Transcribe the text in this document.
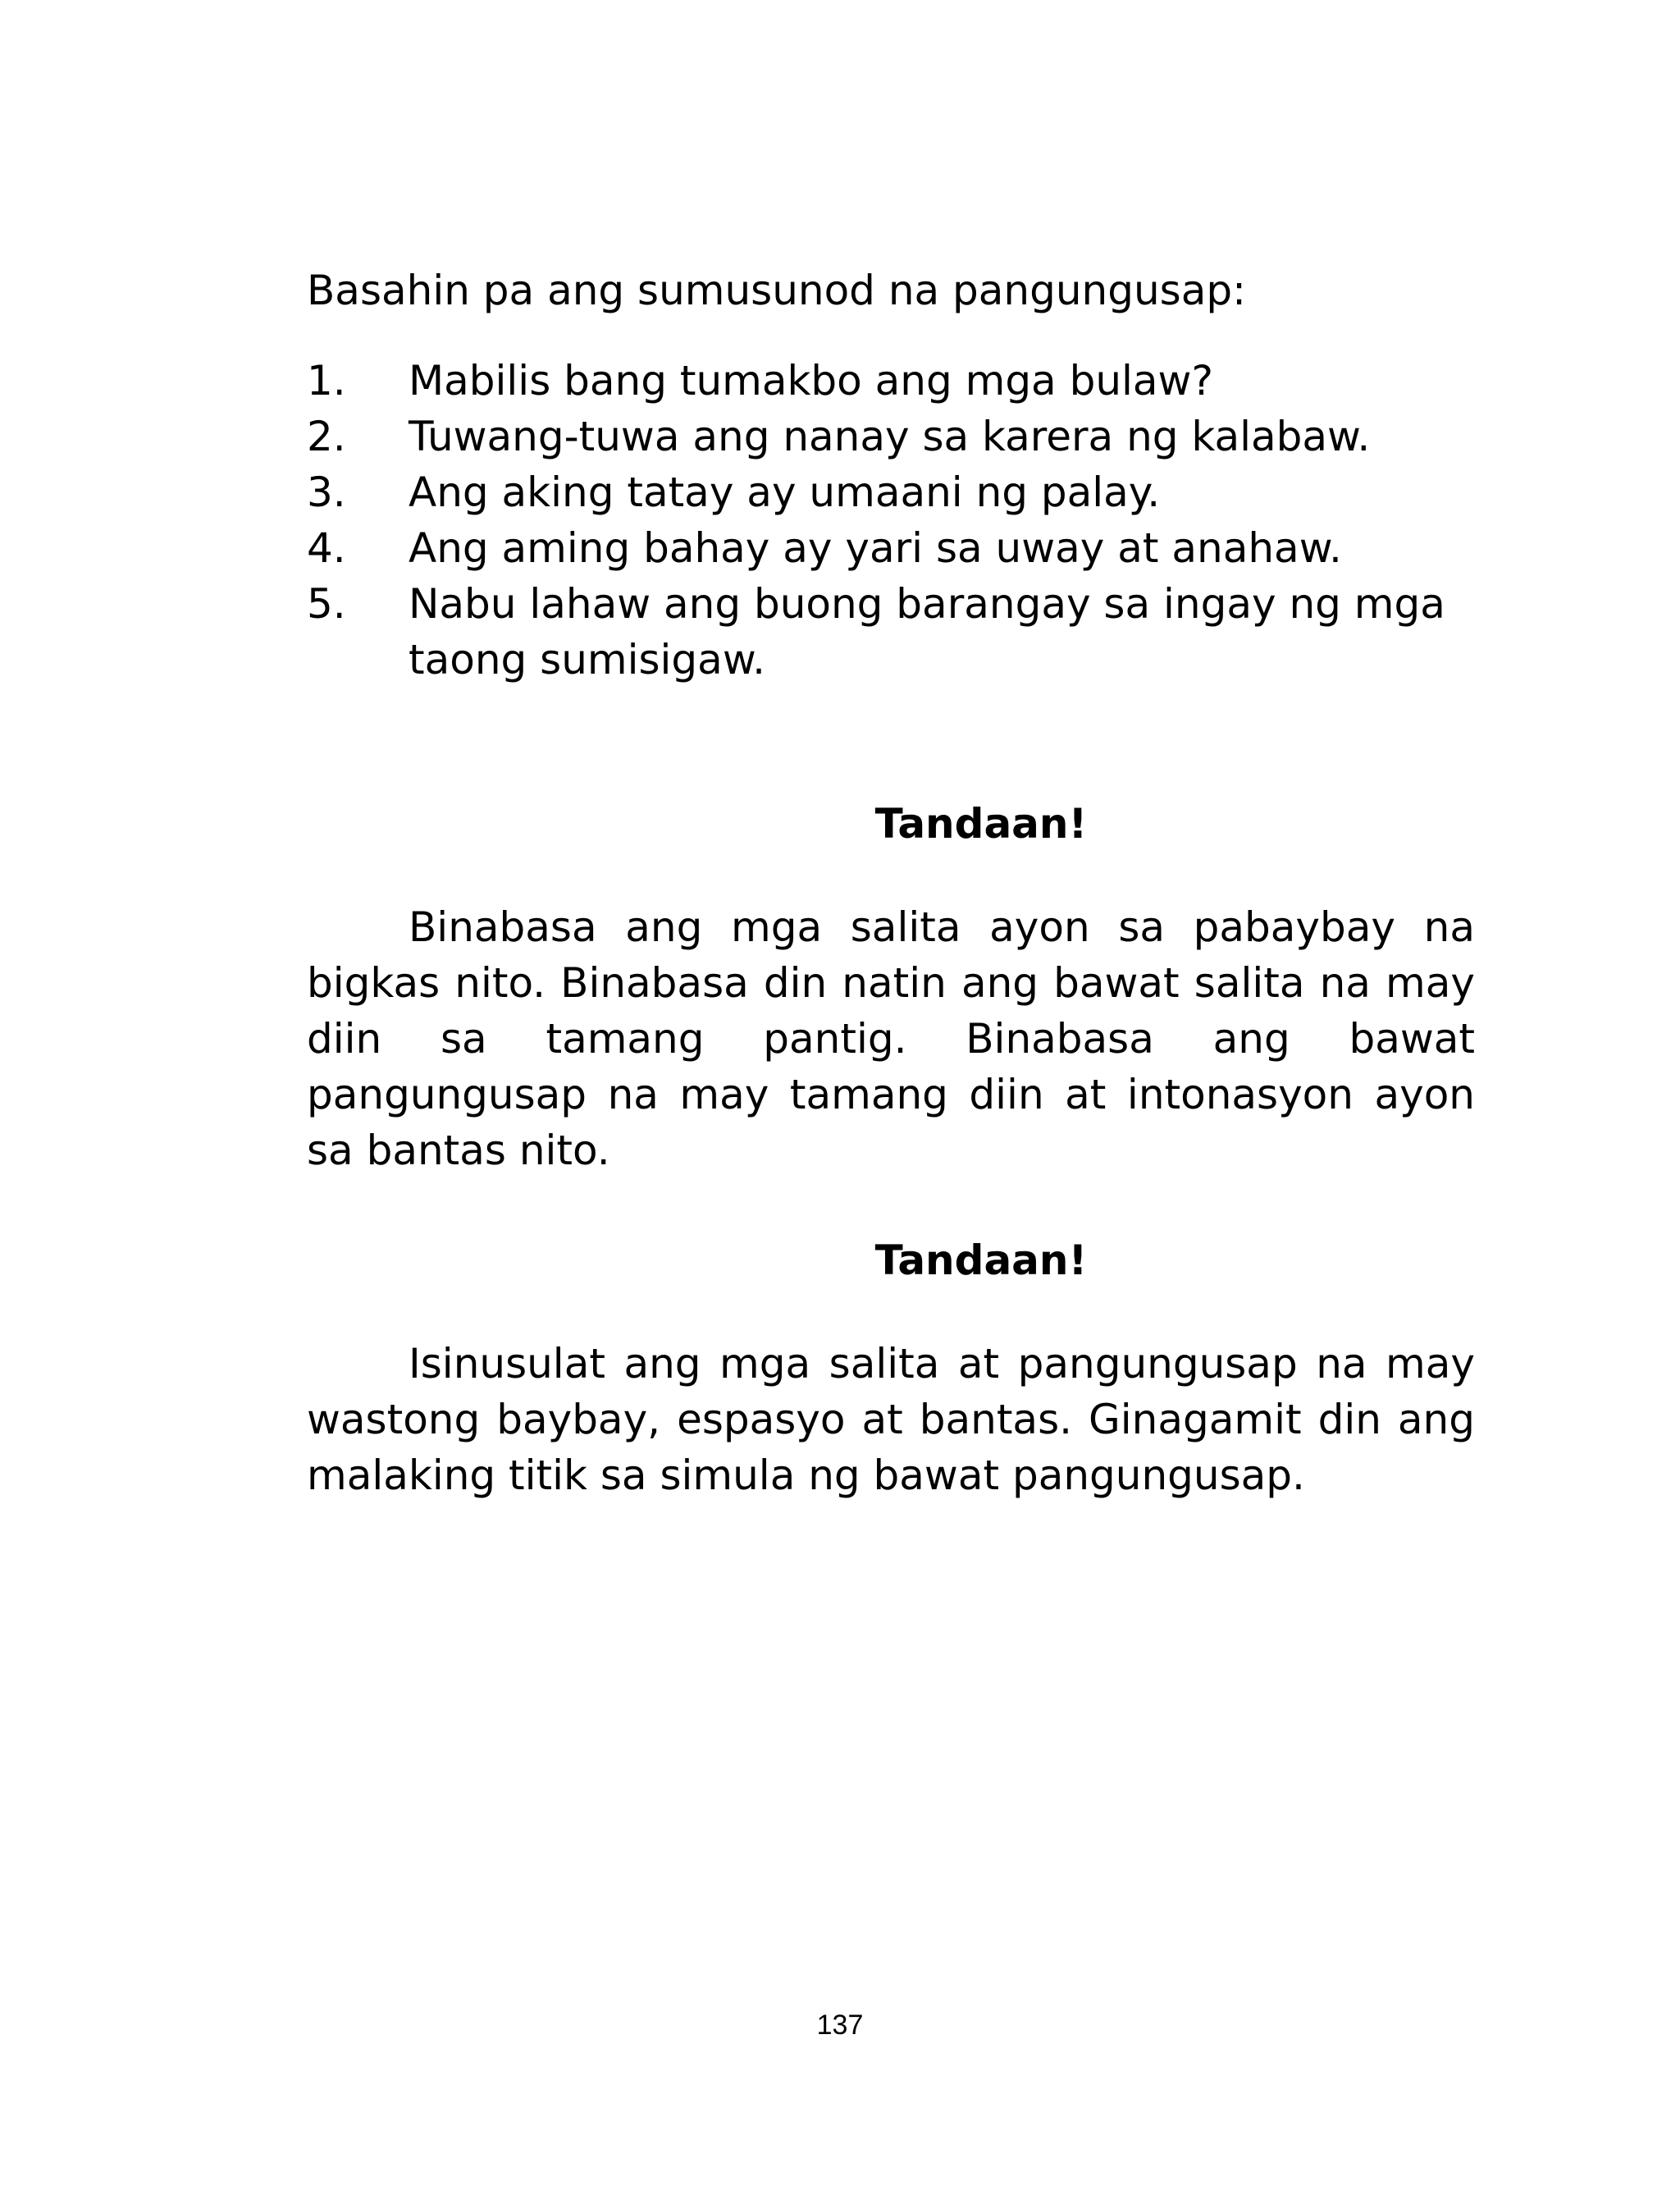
Basahin pa ang sumusunod na pangungusap:

1.	Mabilis bang tumakbo ang mga bulaw?
2.	Tuwang-tuwa ang nanay sa karera ng kalabaw.
3.	Ang aking tatay ay umaani ng palay.
4.	Ang aming bahay ay yari sa uway at anahaw.
5.	Nabu lahaw ang buong barangay sa ingay ng mga taong sumisigaw.
Tandaan!

Binabasa ang mga salita ayon sa pabaybay na bigkas nito. Binabasa din natin ang bawat salita na may diin sa tamang pantig. Binabasa ang bawat pangungusap na may tamang diin at intonasyon ayon sa bantas nito.

Tandaan!

Isinusulat ang mga salita at pangungusap na may wastong baybay, espasyo at bantas. Ginagamit din ang malaking titik sa simula ng bawat pangungusap.

137
